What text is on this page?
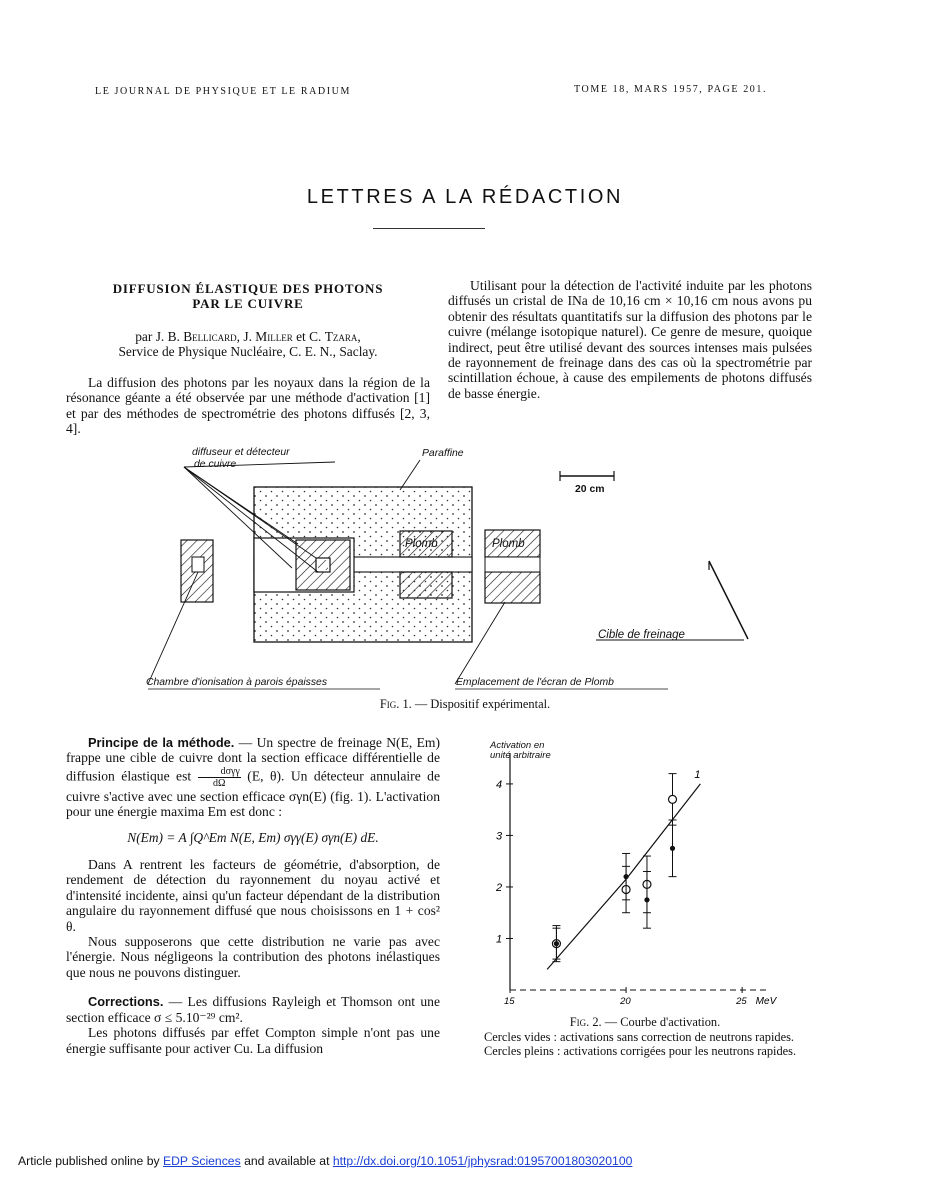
LE JOURNAL DE PHYSIQUE ET LE RADIUM	TOME 18, MARS 1957, PAGE 201.
LETTRES A LA RÉDACTION
DIFFUSION ÉLASTIQUE DES PHOTONS
PAR LE CUIVRE
par J. B. Bellicard, J. Miller et C. Tzara,
Service de Physique Nucléaire, C. E. N., Saclay.

La diffusion des photons par les noyaux dans la région de la résonance géante a été observée par une méthode d'activation [1] et par des méthodes de spectrométrie des photons diffusés [2, 3, 4].

Utilisant pour la détection de l'activité induite par les photons diffusés un cristal de INa de 10,16 cm × 10,16 cm nous avons pu obtenir des résultats quantitatifs sur la diffusion des photons par le cuivre (mélange isotopique naturel). Ce genre de mesure, quoique indirect, peut être utilisé devant des sources intenses mais pulsées de rayonnement de freinage dans des cas où la spectrométrie par scintillation échoue, à cause des empilements de photons diffusés de basse énergie.

diffuseur et détecteur
de cuivre
Paraffine
Plomb	Plomb
20 cm
Cible de freinage
Chambre d'ionisation à parois épaisses	Emplacement de l'écran de Plomb
Fig. 1. — Dispositif expérimental.

Principe de la méthode. — Un spectre de freinage N(E, Em) frappe une cible de cuivre dont la section efficace différentielle de diffusion élastique est $\frac{\text{dσγγ}}{d\Omega} (E$, θ). Un détecteur annulaire de cuivre s'active avec une section efficace σγn(E) (fig. 1). L'activation pour une énergie maxima Em est donc :

N(Em) = A ∫Q^Em N(E, Em) σγγ(E) σγn(E) dE.

Dans A rentrent les facteurs de géométrie, d'absorption, de rendement de détection du rayonnement du noyau activé et d'intensité incidente, ainsi qu'un facteur dépendant de la distribution angulaire du rayonnement diffusé que nous choisissons en 1 + cos² θ.

Nous supposerons que cette distribution ne varie pas avec l'énergie. Nous négligeons la contribution des photons inélastiques que nous ne pouvons distinguer.

Corrections. — Les diffusions Rayleigh et Thomson ont une section efficace σ ≤ 5.10⁻²⁹ cm².

Les photons diffusés par effet Compton simple n'ont pas une énergie suffisante pour activer Cu. La diffusion

1
2
3
4
15	20	25 MeV
1
Activation en unité arbitraire
Fig. 2. — Courbe d'activation.
Cercles vides : activations sans correction de neutrons rapides.
Cercles pleins : activations corrigées pour les neutrons rapides.
Article published online by EDP Sciences and available at http://dx.doi.org/10.1051/jphysrad:01957001803020100
